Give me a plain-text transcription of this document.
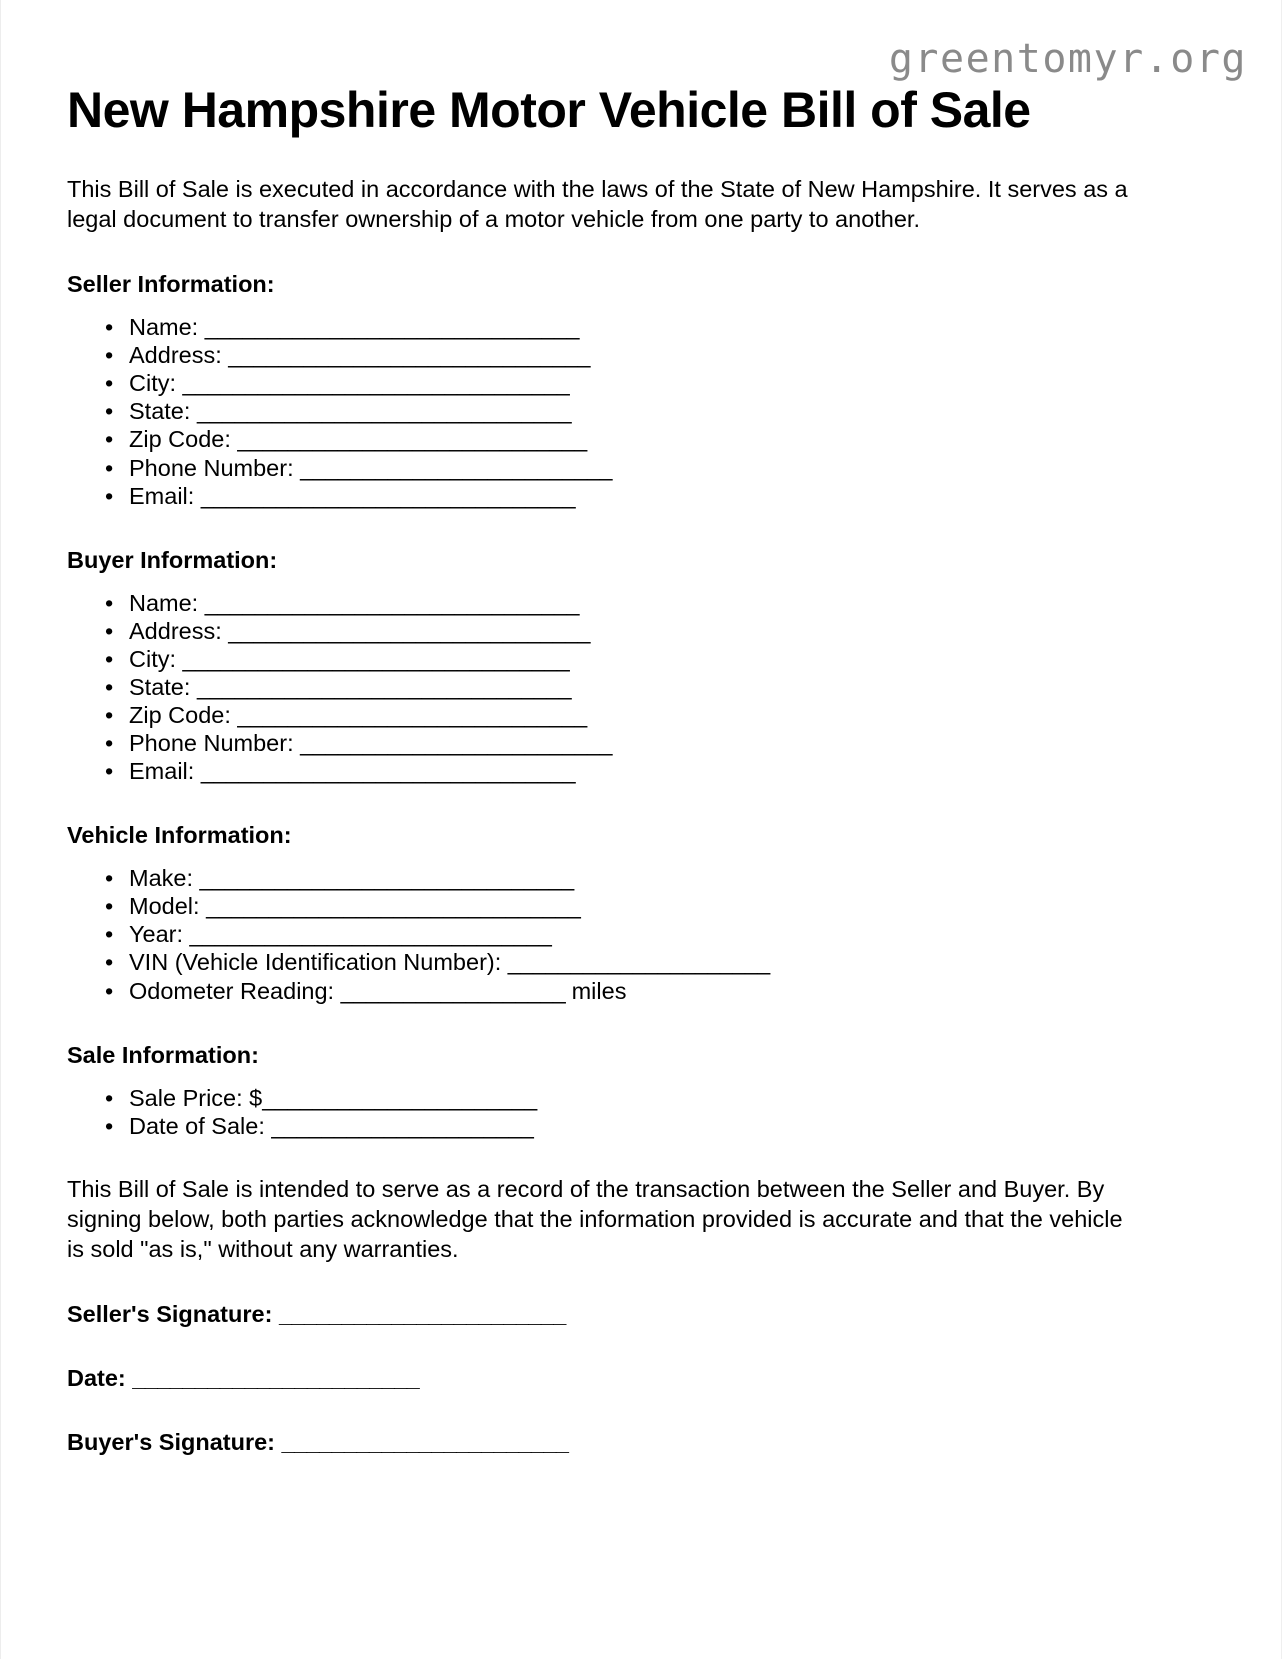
greentomyr.org
New Hampshire Motor Vehicle Bill of Sale

This Bill of Sale is executed in accordance with the laws of the State of New Hampshire. It serves as a legal document to transfer ownership of a motor vehicle from one party to another.

Seller Information:
• Name: ______________________________
• Address: _____________________________
• City: _______________________________
• State: ______________________________
• Zip Code: ____________________________
• Phone Number: _________________________
• Email: ______________________________
Buyer Information:
• Name: ______________________________
• Address: _____________________________
• City: _______________________________
• State: ______________________________
• Zip Code: ____________________________
• Phone Number: _________________________
• Email: ______________________________
Vehicle Information:
• Make: ______________________________
• Model: ______________________________
• Year: _____________________________
• VIN (Vehicle Identification Number): _____________________
• Odometer Reading: __________________ miles
Sale Information:
• Sale Price: $______________________
• Date of Sale: _____________________

This Bill of Sale is intended to serve as a record of the transaction between the Seller and Buyer. By signing below, both parties acknowledge that the information provided is accurate and that the vehicle is sold "as is," without any warranties.

Seller's Signature: _______________________
Date: _______________________
Buyer's Signature: _______________________
